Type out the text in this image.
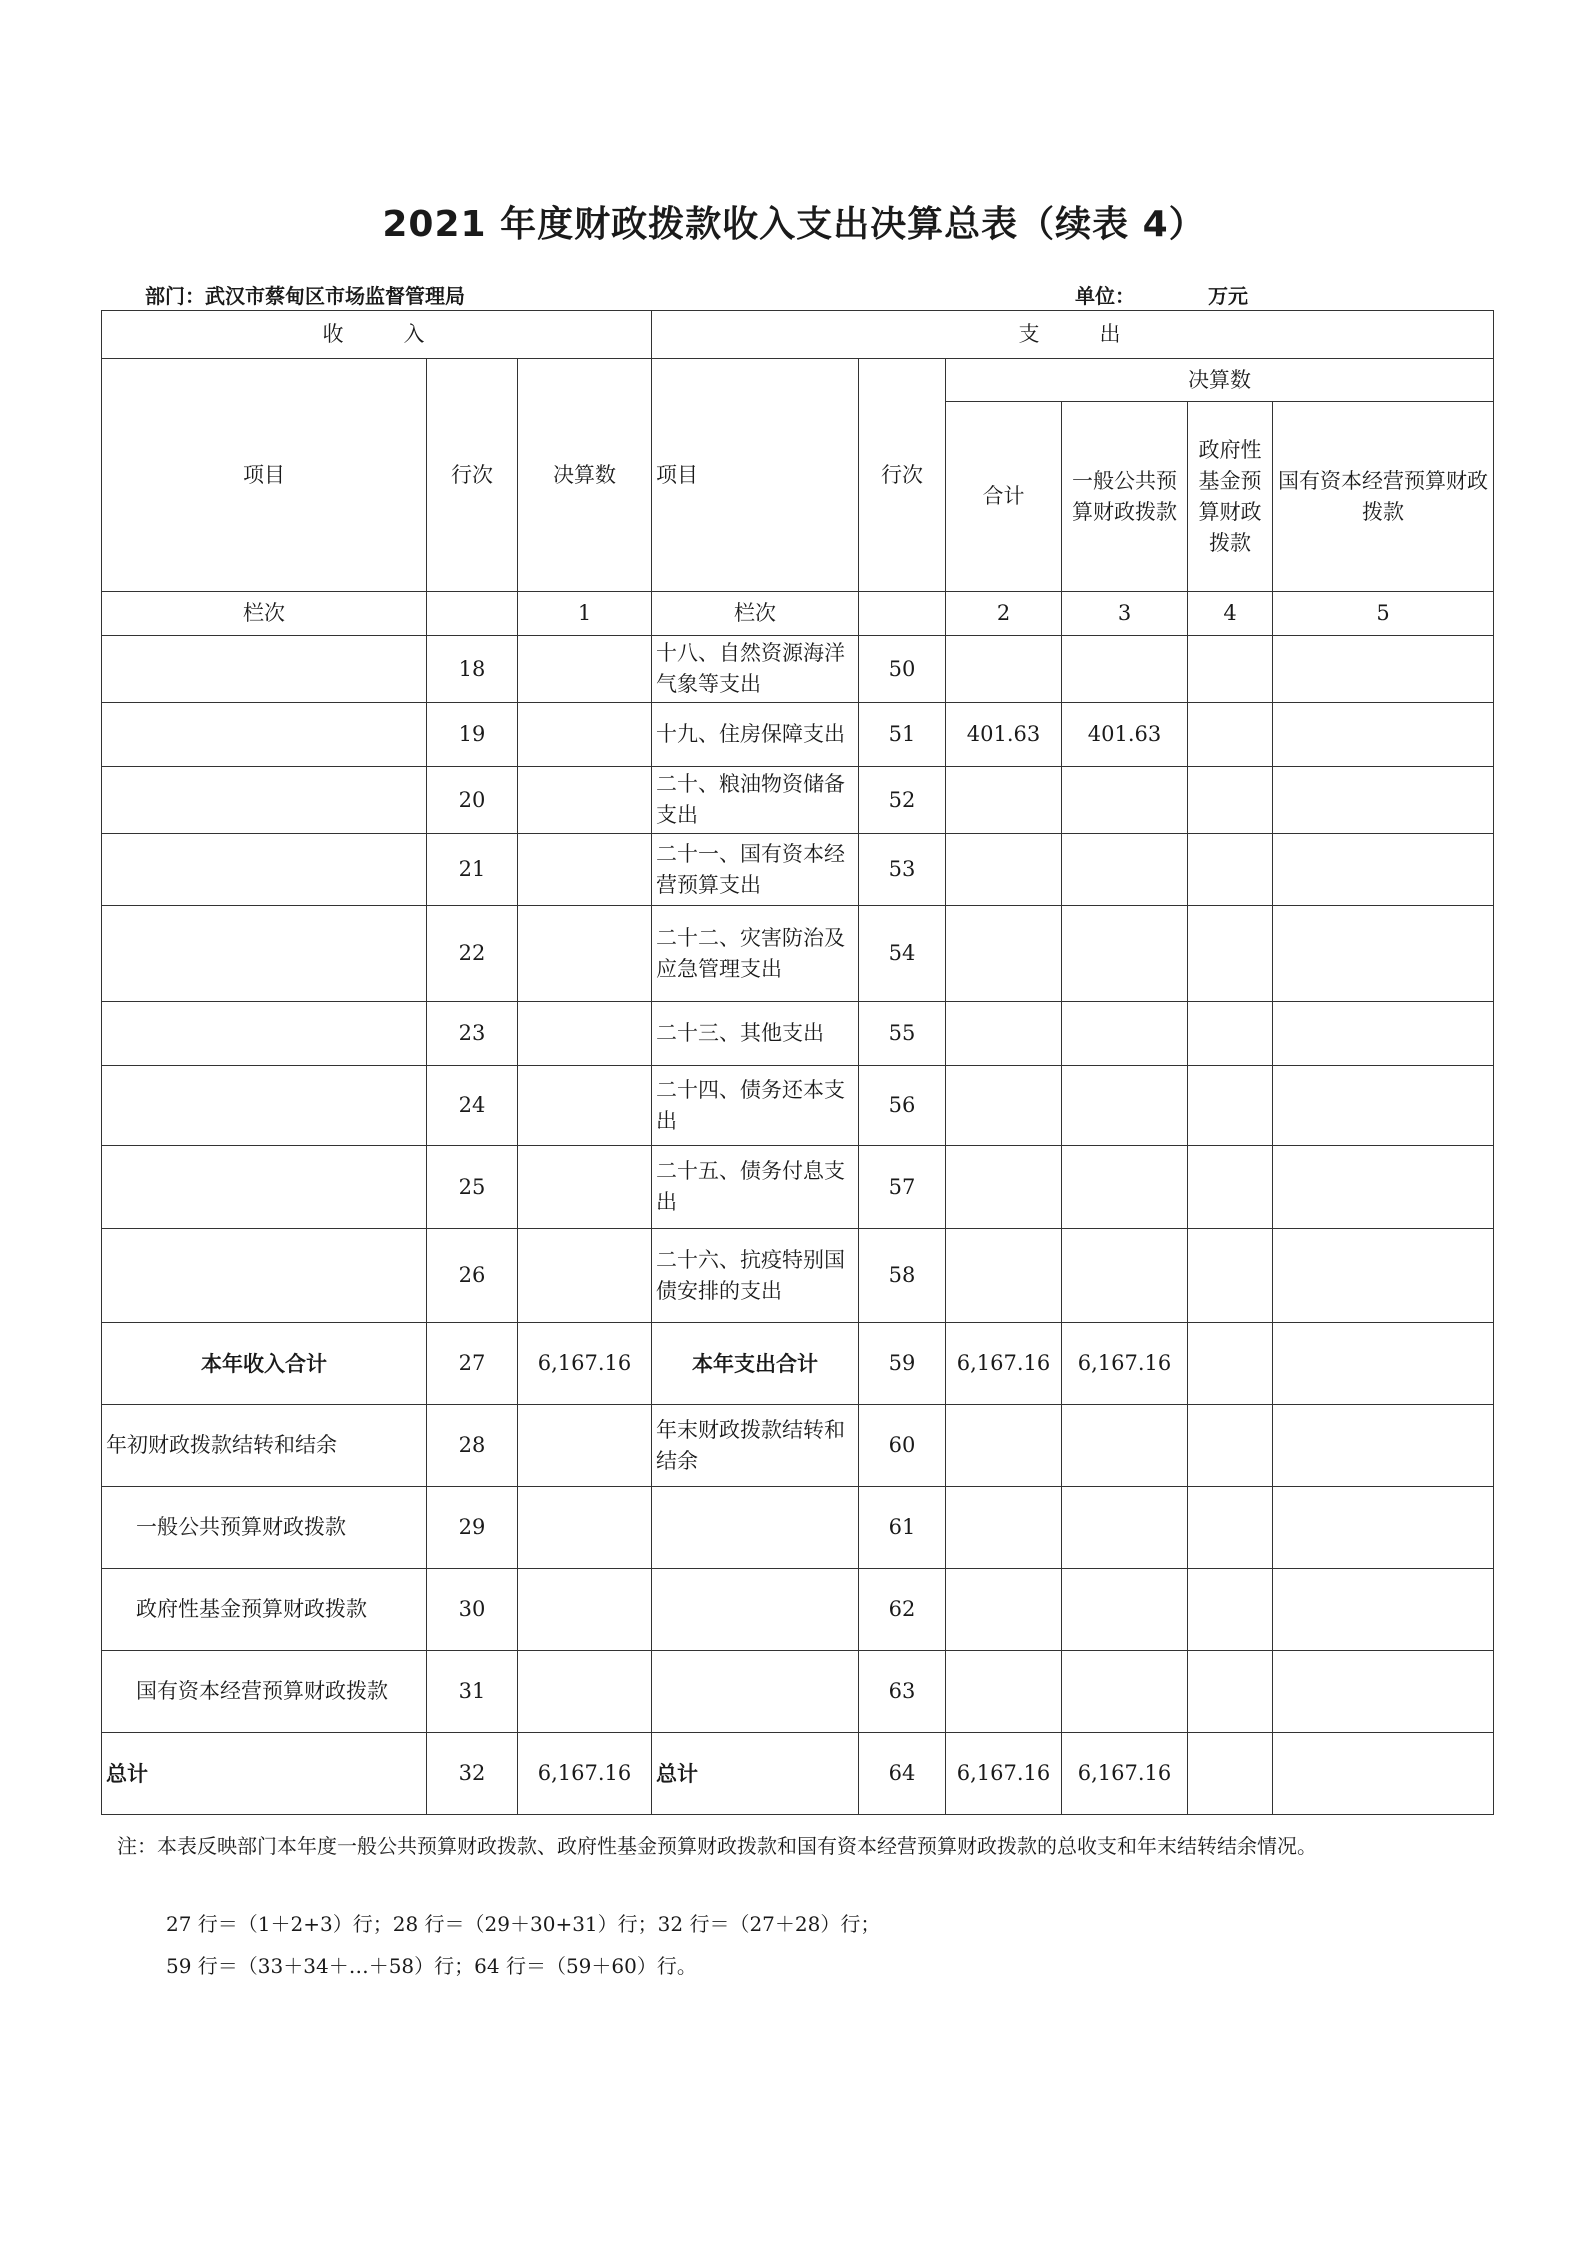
2021 年度财政拨款收入支出决算总表（续表 4）
部门：武汉市蔡甸区市场监督管理局	单位：	万元
收　　入			支　　出					
项目	行次	决算数	项目	行次	决算数			
					合计	一般公共预算财政拨款	政府性基金预算财政拨款	国有资本经营预算财政拨款
栏次		1	栏次		2	3	4	5
	18		十八、自然资源海洋气象等支出	50				
	19		十九、住房保障支出	51	401.63	401.63		
	20		二十、粮油物资储备支出	52				
	21		二十一、国有资本经营预算支出	53				
	22		二十二、灾害防治及应急管理支出	54				
	23		二十三、其他支出	55				
	24		二十四、债务还本支出	56				
	25		二十五、债务付息支出	57				
	26		二十六、抗疫特别国债安排的支出	58				
本年收入合计	27	6,167.16	本年支出合计	59	6,167.16	6,167.16		
年初财政拨款结转和结余	28		年末财政拨款结转和结余	60				
一般公共预算财政拨款	29			61				
政府性基金预算财政拨款	30			62				
国有资本经营预算财政拨款	31			63				
总计	32	6,167.16	总计	64	6,167.16	6,167.16		
注：本表反映部门本年度一般公共预算财政拨款、政府性基金预算财政拨款和国有资本经营预算财政拨款的总收支和年末结转结余情况。
27 行＝（1＋2+3）行；28 行＝（29＋30+31）行；32 行＝（27＋28）行；
59 行＝（33＋34＋…＋58）行；64 行＝（59＋60）行。
